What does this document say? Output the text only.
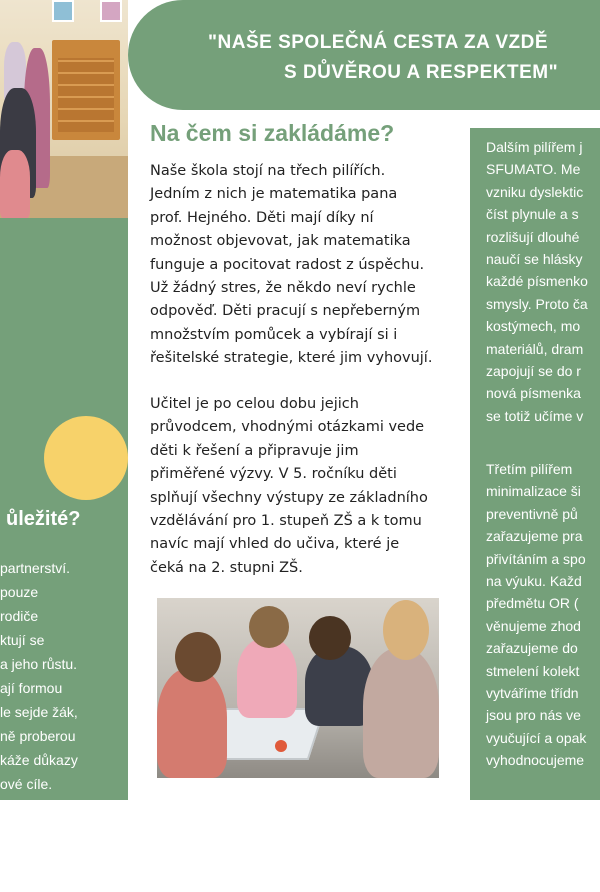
"NAŠE SPOLEČNÁ CESTA ZA VZDĚ
S DŮVĚROU A RESPEKTEM"
ůležité?
partnerství.
pouze
rodiče
ktují se
a jeho růstu.
ají formou
le sejde žák,
ně proberou
káže důkazy
ové cíle.
ocení
oskytují nejen
na naší škole
Na čem si zakládáme?
Naše škola stojí na třech pilířích.
Jedním z nich je matematika pana
prof. Hejného. Děti mají díky ní
možnost objevovat, jak matematika
funguje a pocitovat radost z úspěchu.
Už žádný stres, že někdo neví rychle
odpověď. Děti pracují s nepřeberným
množstvím pomůcek a vybírají si i
řešitelské strategie, které jim vyhovují.
Učitel je po celou dobu jejich
průvodcem, vhodnými otázkami vede
děti k řešení a připravuje jim
přiměřené výzvy. V 5. ročníku děti
splňují všechny výstupy ze základního
vzdělávání pro 1. stupeň ZŠ a k tomu
navíc mají vhled do učiva, které je
čeká na 2. stupni ZŠ.
Dalším pilířem j
SFUMATO. Me
vzniku dyslektic
číst plynule a s
rozlišují dlouhé
naučí se hlásky
každé písmenko
smysly. Proto ča
kostýmech, mo
materiálů, dram
zapojují se do r
nová písmenka
se totiž učíme v
Třetím pilířem
minimalizace ši
preventivně pů
zařazujeme pra
přivítáním a spo
na výuku. Každ
předmětu OR (
věnujeme zhod
zařazujeme do
stmelení kolekt
vytváříme třídn
jsou pro nás ve
vyučující a opak
vyhodnocujeme
